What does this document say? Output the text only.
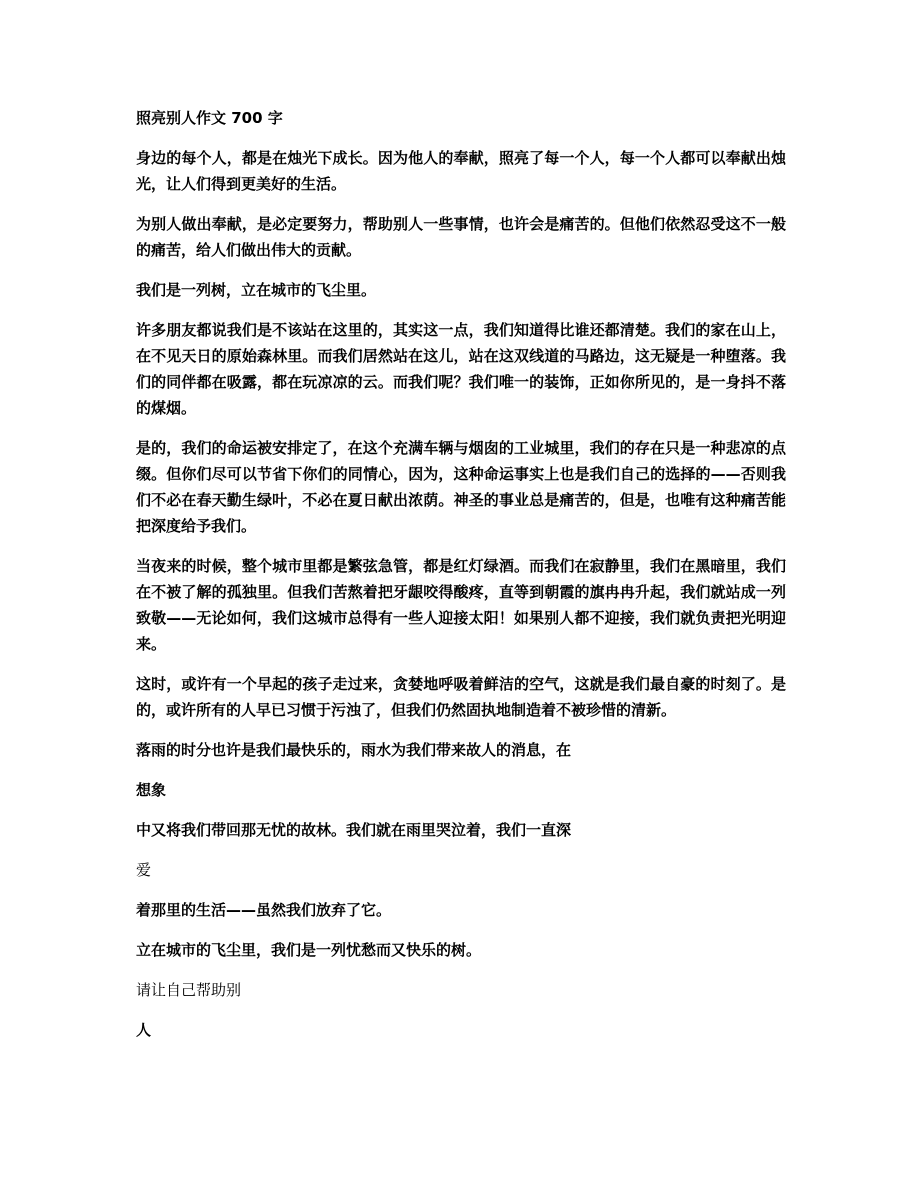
照亮别人作文 700 字

身边的每个人，都是在烛光下成长。因为他人的奉献，照亮了每一个人，每一个人都可以奉献出烛光，让人们得到更美好的生活。

为别人做出奉献，是必定要努力，帮助别人一些事情，也许会是痛苦的。但他们依然忍受这不一般的痛苦，给人们做出伟大的贡献。

我们是一列树，立在城市的飞尘里。

许多朋友都说我们是不该站在这里的，其实这一点，我们知道得比谁还都清楚。我们的家在山上，在不见天日的原始森林里。而我们居然站在这儿，站在这双线道的马路边，这无疑是一种堕落。我们的同伴都在吸露，都在玩凉凉的云。而我们呢？我们唯一的装饰，正如你所见的，是一身抖不落的煤烟。

是的，我们的命运被安排定了，在这个充满车辆与烟囱的工业城里，我们的存在只是一种悲凉的点缀。但你们尽可以节省下你们的同情心，因为，这种命运事实上也是我们自己的选择的——否则我们不必在春天勤生绿叶，不必在夏日献出浓荫。神圣的事业总是痛苦的，但是，也唯有这种痛苦能把深度给予我们。

当夜来的时候，整个城市里都是繁弦急管，都是红灯绿酒。而我们在寂静里，我们在黑暗里，我们在不被了解的孤独里。但我们苦熬着把牙龈咬得酸疼，直等到朝霞的旗冉冉升起，我们就站成一列致敬——无论如何，我们这城市总得有一些人迎接太阳！如果别人都不迎接，我们就负责把光明迎来。

这时，或许有一个早起的孩子走过来，贪婪地呼吸着鲜洁的空气，这就是我们最自豪的时刻了。是的，或许所有的人早已习惯于污浊了，但我们仍然固执地制造着不被珍惜的清新。

落雨的时分也许是我们最快乐的，雨水为我们带来故人的消息，在

想象

中又将我们带回那无忧的故林。我们就在雨里哭泣着，我们一直深

爱

着那里的生活——虽然我们放弃了它。

立在城市的飞尘里，我们是一列忧愁而又快乐的树。

请让自己帮助别

人
